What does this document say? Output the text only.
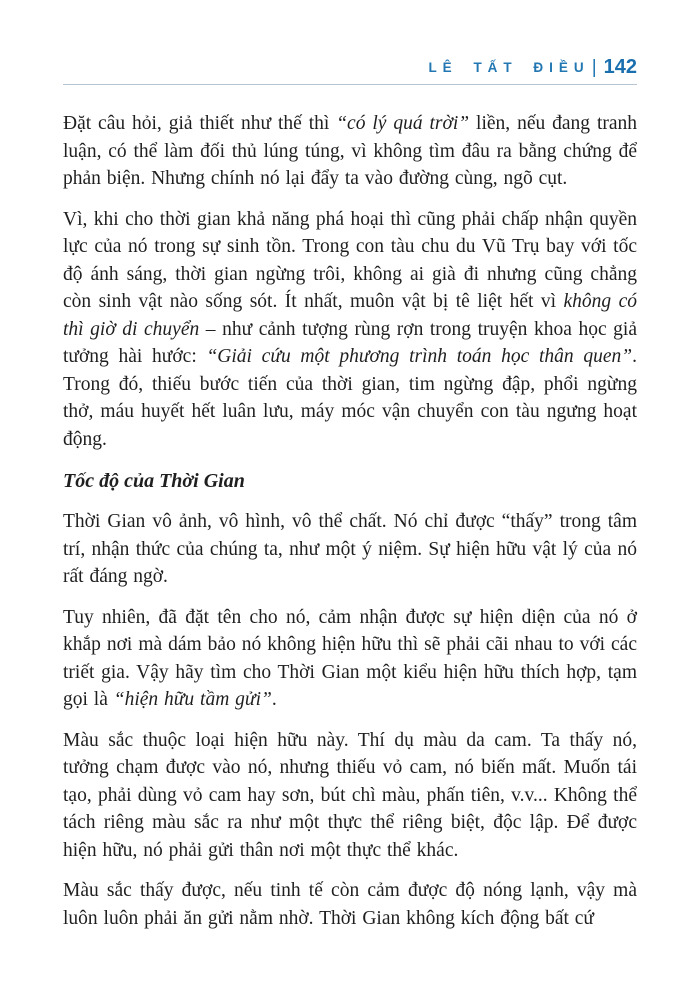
LÊ TẤT ĐIỀU | 142

Đặt câu hỏi, giả thiết như thế thì “có lý quá trời” liền, nếu đang tranh luận, có thể làm đối thủ lúng túng, vì không tìm đâu ra bằng chứng để phản biện. Nhưng chính nó lại đẩy ta vào đường cùng, ngõ cụt.

Vì, khi cho thời gian khả năng phá hoại thì cũng phải chấp nhận quyền lực của nó trong sự sinh tồn. Trong con tàu chu du Vũ Trụ bay với tốc độ ánh sáng, thời gian ngừng trôi, không ai già đi nhưng cũng chẳng còn sinh vật nào sống sót. Ít nhất, muôn vật bị tê liệt hết vì không có thì giờ di chuyển – như cảnh tượng rùng rợn trong truyện khoa học giả tưởng hài hước: “Giải cứu một phương trình toán học thân quen”. Trong đó, thiếu bước tiến của thời gian, tim ngừng đập, phổi ngừng thở, máu huyết hết luân lưu, máy móc vận chuyển con tàu ngưng hoạt động.

Tốc độ của Thời Gian

Thời Gian vô ảnh, vô hình, vô thể chất. Nó chỉ được “thấy” trong tâm trí, nhận thức của chúng ta, như một ý niệm. Sự hiện hữu vật lý của nó rất đáng ngờ.

Tuy nhiên, đã đặt tên cho nó, cảm nhận được sự hiện diện của nó ở khắp nơi mà dám bảo nó không hiện hữu thì sẽ phải cãi nhau to với các triết gia. Vậy hãy tìm cho Thời Gian một kiểu hiện hữu thích hợp, tạm gọi là “hiện hữu tầm gửi”.

Màu sắc thuộc loại hiện hữu này. Thí dụ màu da cam. Ta thấy nó, tưởng chạm được vào nó, nhưng thiếu vỏ cam, nó biến mất. Muốn tái tạo, phải dùng vỏ cam hay sơn, bút chì màu, phấn tiên, v.v... Không thể tách riêng màu sắc ra như một thực thể riêng biệt, độc lập. Để được hiện hữu, nó phải gửi thân nơi một thực thể khác.

Màu sắc thấy được, nếu tinh tế còn cảm được độ nóng lạnh, vậy mà luôn luôn phải ăn gửi nằm nhờ. Thời Gian không kích động bất cứ
